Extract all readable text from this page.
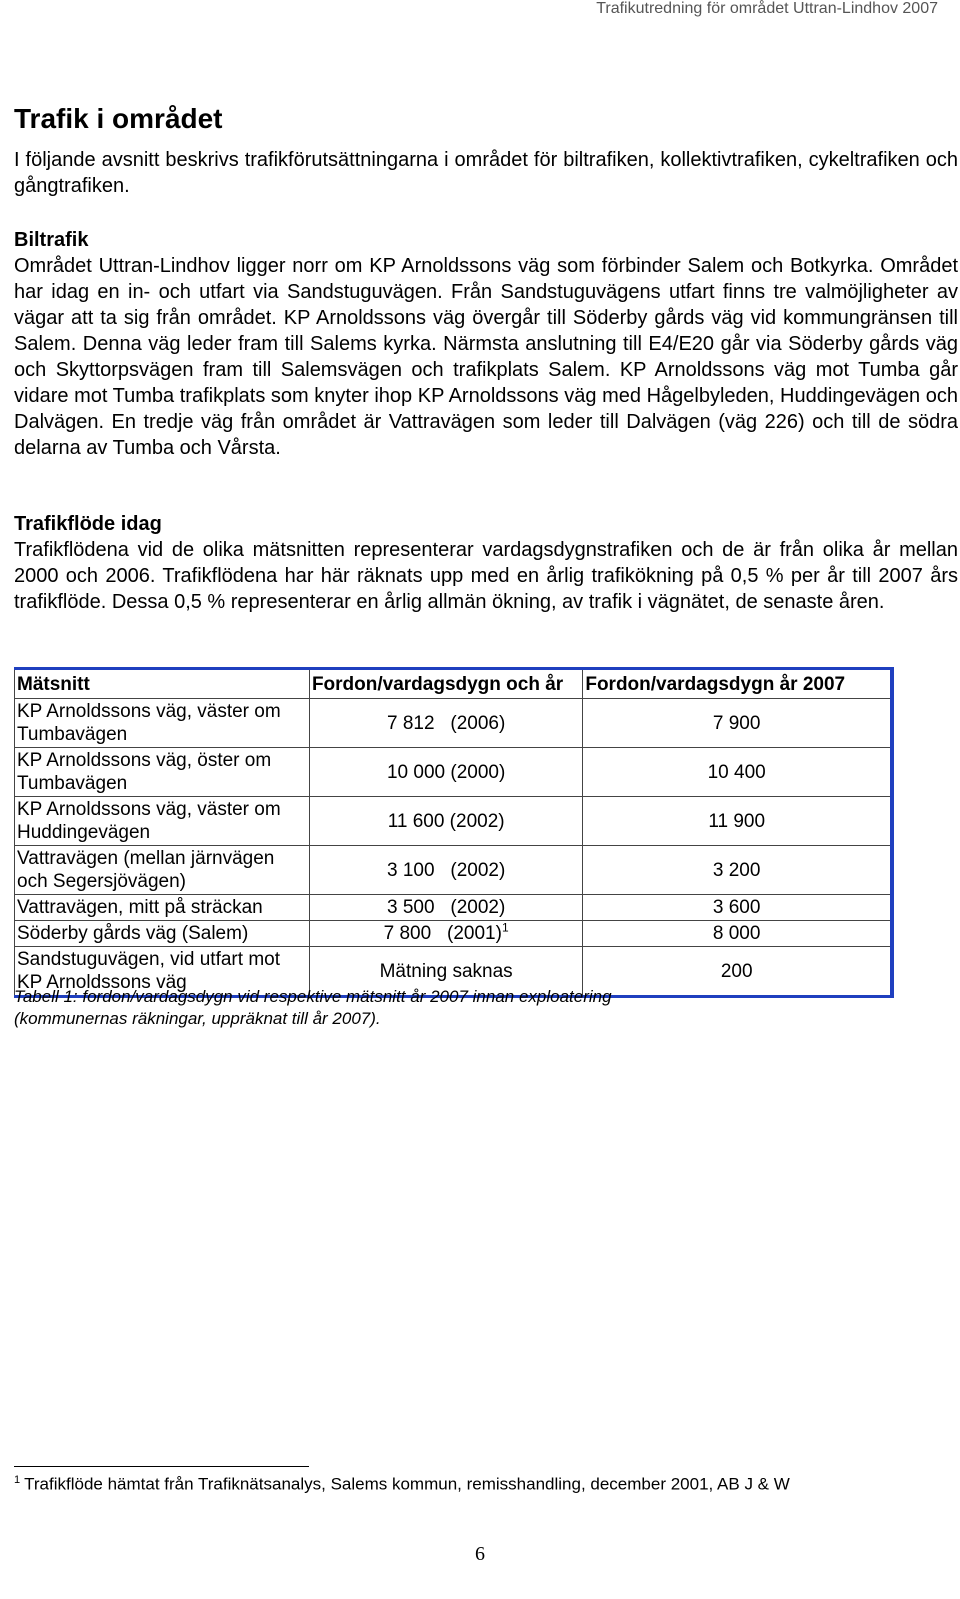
Trafikutredning för området Uttran-Lindhov 2007
Trafik i området

I följande avsnitt beskrivs trafikförutsättningarna i området för biltrafiken, kollektivtrafiken, cykeltrafiken och gångtrafiken.

Biltrafik
Området Uttran-Lindhov ligger norr om KP Arnoldssons väg som förbinder Salem och Botkyrka. Området har idag en in- och utfart via Sandstuguvägen. Från Sandstuguvägens utfart finns tre valmöjligheter av vägar att ta sig från området. KP Arnoldssons väg övergår till Söderby gårds väg vid kommungränsen till Salem. Denna väg leder fram till Salems kyrka. Närmsta anslutning till E4/E20 går via Söderby gårds väg och Skyttorpsvägen fram till Salemsvägen och trafikplats Salem. KP Arnoldssons väg mot Tumba går vidare mot Tumba trafikplats som knyter ihop KP Arnoldssons väg med Hågelbyleden, Huddingevägen och Dalvägen. En tredje väg från området är Vattravägen som leder till Dalvägen (väg 226) och till de södra delarna av Tumba och Vårsta.
Trafikflöde idag
Trafikflödena vid de olika mätsnitten representerar vardagsdygnstrafiken och de är från olika år mellan 2000 och 2006. Trafikflödena har här räknats upp med en årlig trafikökning på 0,5 % per år till 2007 års trafikflöde. Dessa 0,5 % representerar en årlig allmän ökning, av trafik i vägnätet, de senaste åren.
Mätsnitt	Fordon/vardagsdygn och år	Fordon/vardagsdygn år 2007
KP Arnoldssons väg, väster om Tumbavägen	7 812   (2006)	7 900
KP Arnoldssons väg, öster om Tumbavägen	10 000 (2000)	10 400
KP Arnoldssons väg, väster om Huddingevägen	11 600 (2002)	11 900
Vattravägen (mellan järnvägen och Segersjövägen)	3 100   (2002)	3 200
Vattravägen, mitt på sträckan	3 500   (2002)	3 600
Söderby gårds väg (Salem)	7 800   (2001)$^1$	8 000
Sandstuguvägen, vid utfart mot KP Arnoldssons väg	Mätning saknas	200
Tabell 1: fordon/vardagsdygn vid respektive mätsnitt år 2007 innan exploatering (kommunernas räkningar, uppräknat till år 2007).
$^1$ Trafikflöde hämtat från Trafiknätsanalys, Salems kommun, remisshandling, december 2001, AB J & W
6
